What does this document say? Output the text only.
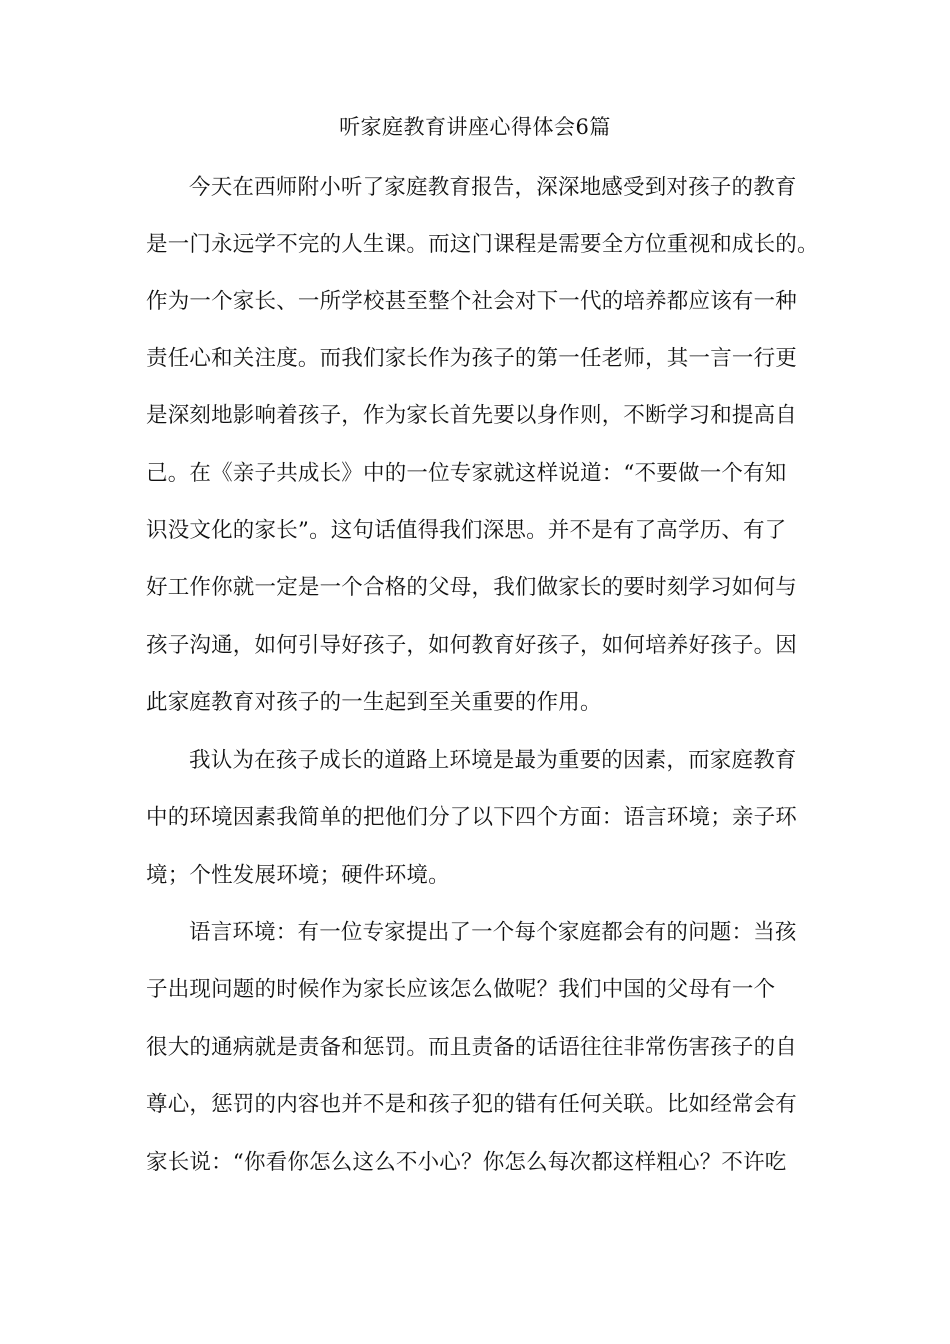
听家庭教育讲座心得体会6篇
今天在西师附小听了家庭教育报告，深深地感受到对孩子的教育
是一门永远学不完的人生课。而这门课程是需要全方位重视和成长的。
作为一个家长、一所学校甚至整个社会对下一代的培养都应该有一种
责任心和关注度。而我们家长作为孩子的第一任老师，其一言一行更
是深刻地影响着孩子，作为家长首先要以身作则，不断学习和提高自
己。在《亲子共成长》中的一位专家就这样说道：“不要做一个有知
识没文化的家长”。这句话值得我们深思。并不是有了高学历、有了
好工作你就一定是一个合格的父母，我们做家长的要时刻学习如何与
孩子沟通，如何引导好孩子，如何教育好孩子，如何培养好孩子。因
此家庭教育对孩子的一生起到至关重要的作用。
我认为在孩子成长的道路上环境是最为重要的因素，而家庭教育
中的环境因素我简单的把他们分了以下四个方面：语言环境；亲子环
境；个性发展环境；硬件环境。
语言环境：有一位专家提出了一个每个家庭都会有的问题：当孩
子出现问题的时候作为家长应该怎么做呢？我们中国的父母有一个
很大的通病就是责备和惩罚。而且责备的话语往往非常伤害孩子的自
尊心，惩罚的内容也并不是和孩子犯的错有任何关联。比如经常会有
家长说：“你看你怎么这么不小心？你怎么每次都这样粗心？不许吃
